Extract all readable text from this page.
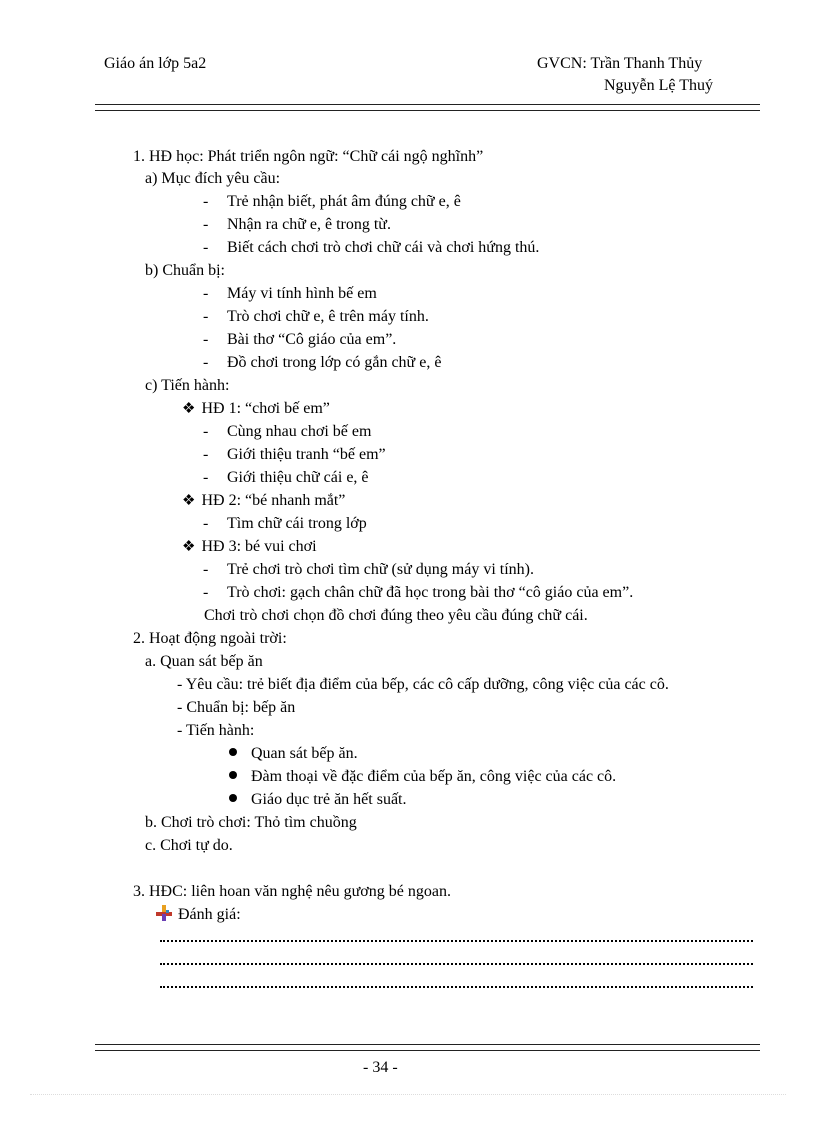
Giáo án lớp 5a2	GVCN: Trần Thanh Thủy
Nguyễn Lệ Thuý
1. HĐ học: Phát triển ngôn ngữ: “Chữ cái ngộ nghĩnh”
a) Mục đích yêu cầu:
- Trẻ nhận biết, phát âm đúng chữ e, ê
- Nhận ra chữ e, ê trong từ.
- Biết cách chơi trò chơi chữ cái và chơi hứng thú.
b) Chuẩn bị:
- Máy vi tính hình bế em
- Trò chơi chữ e, ê trên máy tính.
- Bài thơ “Cô giáo của em”.
- Đồ chơi trong lớp có gắn chữ e, ê
c) Tiến hành:
❖ HĐ 1: “chơi bế em”
- Cùng nhau chơi bế em
- Giới thiệu tranh “bế em”
- Giới thiệu chữ cái e, ê
❖ HĐ 2: “bé nhanh mắt”
- Tìm chữ cái trong lớp
❖ HĐ 3: bé vui chơi
- Trẻ chơi trò chơi tìm chữ (sử dụng máy vi tính).
- Trò chơi: gạch chân chữ đã học trong bài thơ “cô giáo của em”.
Chơi trò chơi chọn đồ chơi đúng theo yêu cầu đúng chữ cái.
2. Hoạt động ngoài trời:
a. Quan sát bếp ăn
- Yêu cầu: trẻ biết địa điểm của bếp, các cô cấp dưỡng, công việc của các cô.
- Chuẩn bị: bếp ăn
- Tiến hành:
Quan sát bếp ăn.
Đàm thoại về đặc điểm của bếp ăn, công việc của các cô.
Giáo dục trẻ ăn hết suất.
b. Chơi trò chơi: Thỏ tìm chuồng
c. Chơi tự do.
3. HĐC: liên hoan văn nghệ nêu gương bé ngoan.
Đánh giá:
- 34 -
